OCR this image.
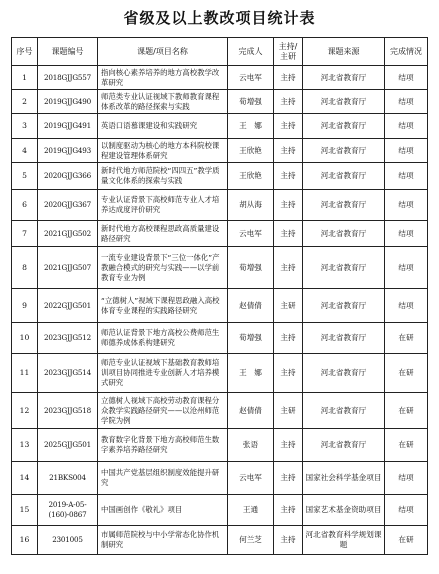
省级及以上教改项目统计表
序号	课题编号	课题/项目名称	完成人	主持/主研	课题来源	完成情况
1	2018GJJG557	指向核心素养培养的地方高校教学改革研究	云电军	主持	河北省教育厅	结项
2	2019GJJG490	师范类专业认证视域下教师教育课程体系改革的路径探索与实践	荀增强	主持	河北省教育厅	结项
3	2019GJJG491	英语口语慕课建设和实践研究	王　娜	主持	河北省教育厅	结项
4	2019GJJG493	以制度驱动为核心的地方本科院校课程建设管理体系研究	王欣艳	主持	河北省教育厅	结项
5	2020GJJG366	新时代地方师范院校“四四五”教学质量文化体系的探索与实践	王欣艳	主持	河北省教育厅	结项
6	2020GJJG367	专业认证背景下高校师范专业人才培养达成度评价研究	胡从海	主持	河北省教育厅	结项
7	2021GJJG502	新时代地方高校课程思政高质量建设路径研究	云电军	主持	河北省教育厅	结项
8	2021GJJG507	一流专业建设背景下“三位一体化”产教融合模式的研究与实践——以学前教育专业为例	荀增强	主持	河北省教育厅	结项
9	2022GJJG501	“立德树人”视域下课程思政融入高校体育专业课程的实践路径研究	赵倩倩	主研	河北省教育厅	结项
10	2023GJJG512	师范认证背景下地方高校公费师范生师德养成体系构建研究	荀增强	主持	河北省教育厅	在研
11	2023GJJG514	师范专业认证视域下基础教育教师培训项目协同推进专业创新人才培养模式研究	王　娜	主持	河北省教育厅	在研
12	2023GJJG518	立德树人视域下高校劳动教育课程分众教学实践路径研究——以沧州师范学院为例	赵倩倩	主研	河北省教育厅	在研
13	2025GJJG501	教育数字化背景下地方高校师范生数字素养培养路径研究	张语	主持	河北省教育厅	在研
14	21BKS004	中国共产党基层组织制度效能提升研究	云电军	主持	国家社会科学基金项目	结项
15	2019-A-05-(160)-0867	中国画创作《敬礼》项目	王通	主持	国家艺术基金资助项目	结项
16	2301005	市属师范院校与中小学常态化协作机制研究	何兰芝	主持	河北省教育科学规划课题	在研
